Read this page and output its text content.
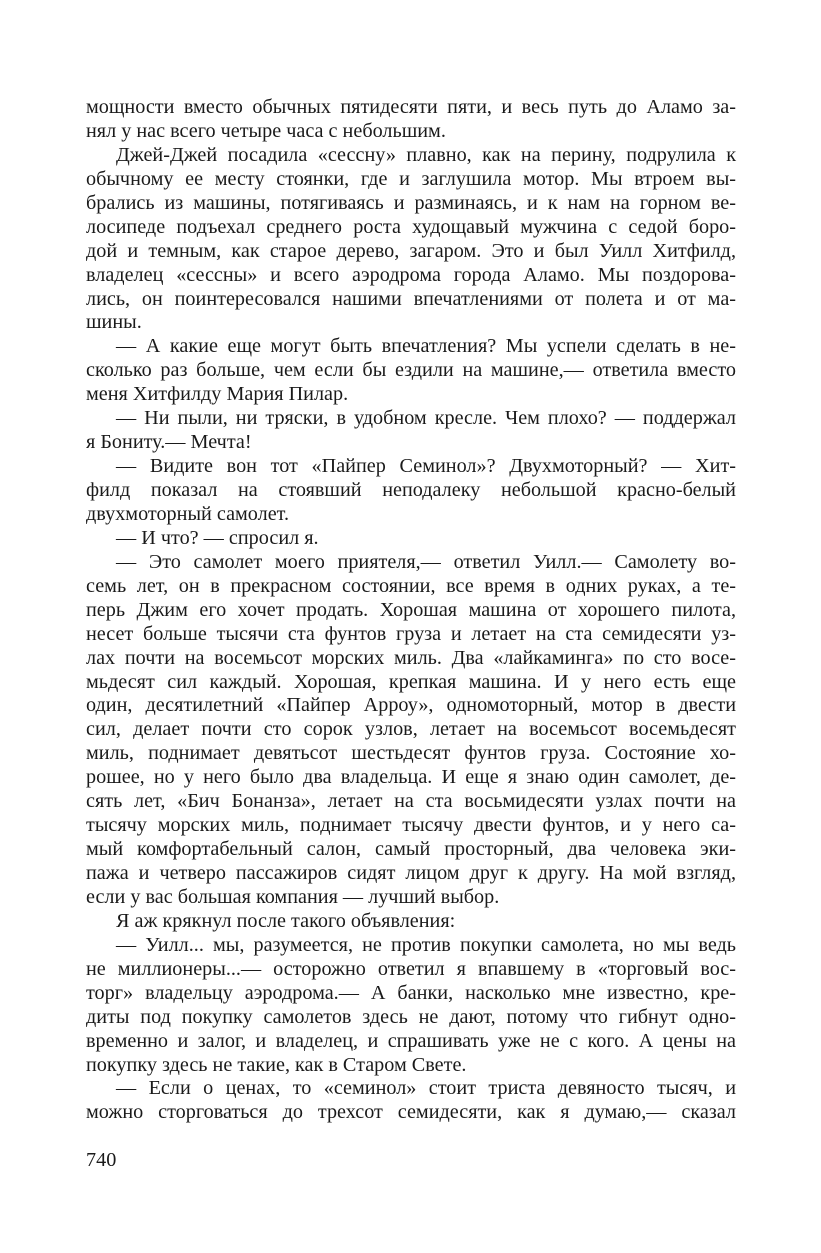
мощности вместо обычных пятидесяти пяти, и весь путь до Аламо за-
нял у нас всего четыре часа с небольшим.
Джей-Джей посадила «сессну» плавно, как на перину, подрулила к
обычному ее месту стоянки, где и заглушила мотор. Мы втроем вы-
брались из машины, потягиваясь и разминаясь, и к нам на горном ве-
лосипеде подъехал среднего роста худощавый мужчина с седой боро-
дой и темным, как старое дерево, загаром. Это и был Уилл Хитфилд,
владелец «сессны» и всего аэродрома города Аламо. Мы поздорова-
лись, он поинтересовался нашими впечатлениями от полета и от ма-
шины.
— А какие еще могут быть впечатления? Мы успели сделать в не-
сколько раз больше, чем если бы ездили на машине,— ответила вместо
меня Хитфилду Мария Пилар.
— Ни пыли, ни тряски, в удобном кресле. Чем плохо? — поддержал
я Бониту.— Мечта!
— Видите вон тот «Пайпер Семинол»? Двухмоторный? — Хит-
филд показал на стоявший неподалеку небольшой красно-белый
двухмоторный самолет.
— И что? — спросил я.
— Это самолет моего приятеля,— ответил Уилл.— Самолету во-
семь лет, он в прекрасном состоянии, все время в одних руках, а те-
перь Джим его хочет продать. Хорошая машина от хорошего пилота,
несет больше тысячи ста фунтов груза и летает на ста семидесяти уз-
лах почти на восемьсот морских миль. Два «лайкаминга» по сто восе-
мьдесят сил каждый. Хорошая, крепкая машина. И у него есть еще
один, десятилетний «Пайпер Арроу», одномоторный, мотор в двести
сил, делает почти сто сорок узлов, летает на восемьсот восемьдесят
миль, поднимает девятьсот шестьдесят фунтов груза. Состояние хо-
рошее, но у него было два владельца. И еще я знаю один самолет, де-
сять лет, «Бич Бонанза», летает на ста восьмидесяти узлах почти на
тысячу морских миль, поднимает тысячу двести фунтов, и у него са-
мый комфортабельный салон, самый просторный, два человека эки-
пажа и четверо пассажиров сидят лицом друг к другу. На мой взгляд,
если у вас большая компания — лучший выбор.
Я аж крякнул после такого объявления:
— Уилл... мы, разумеется, не против покупки самолета, но мы ведь
не миллионеры...— осторожно ответил я впавшему в «торговый вос-
торг» владельцу аэродрома.— А банки, насколько мне известно, кре-
диты под покупку самолетов здесь не дают, потому что гибнут одно-
временно и залог, и владелец, и спрашивать уже не с кого. А цены на
покупку здесь не такие, как в Старом Свете.
— Если о ценах, то «семинол» стоит триста девяносто тысяч, и
можно сторговаться до трехсот семидесяти, как я думаю,— сказал
740
